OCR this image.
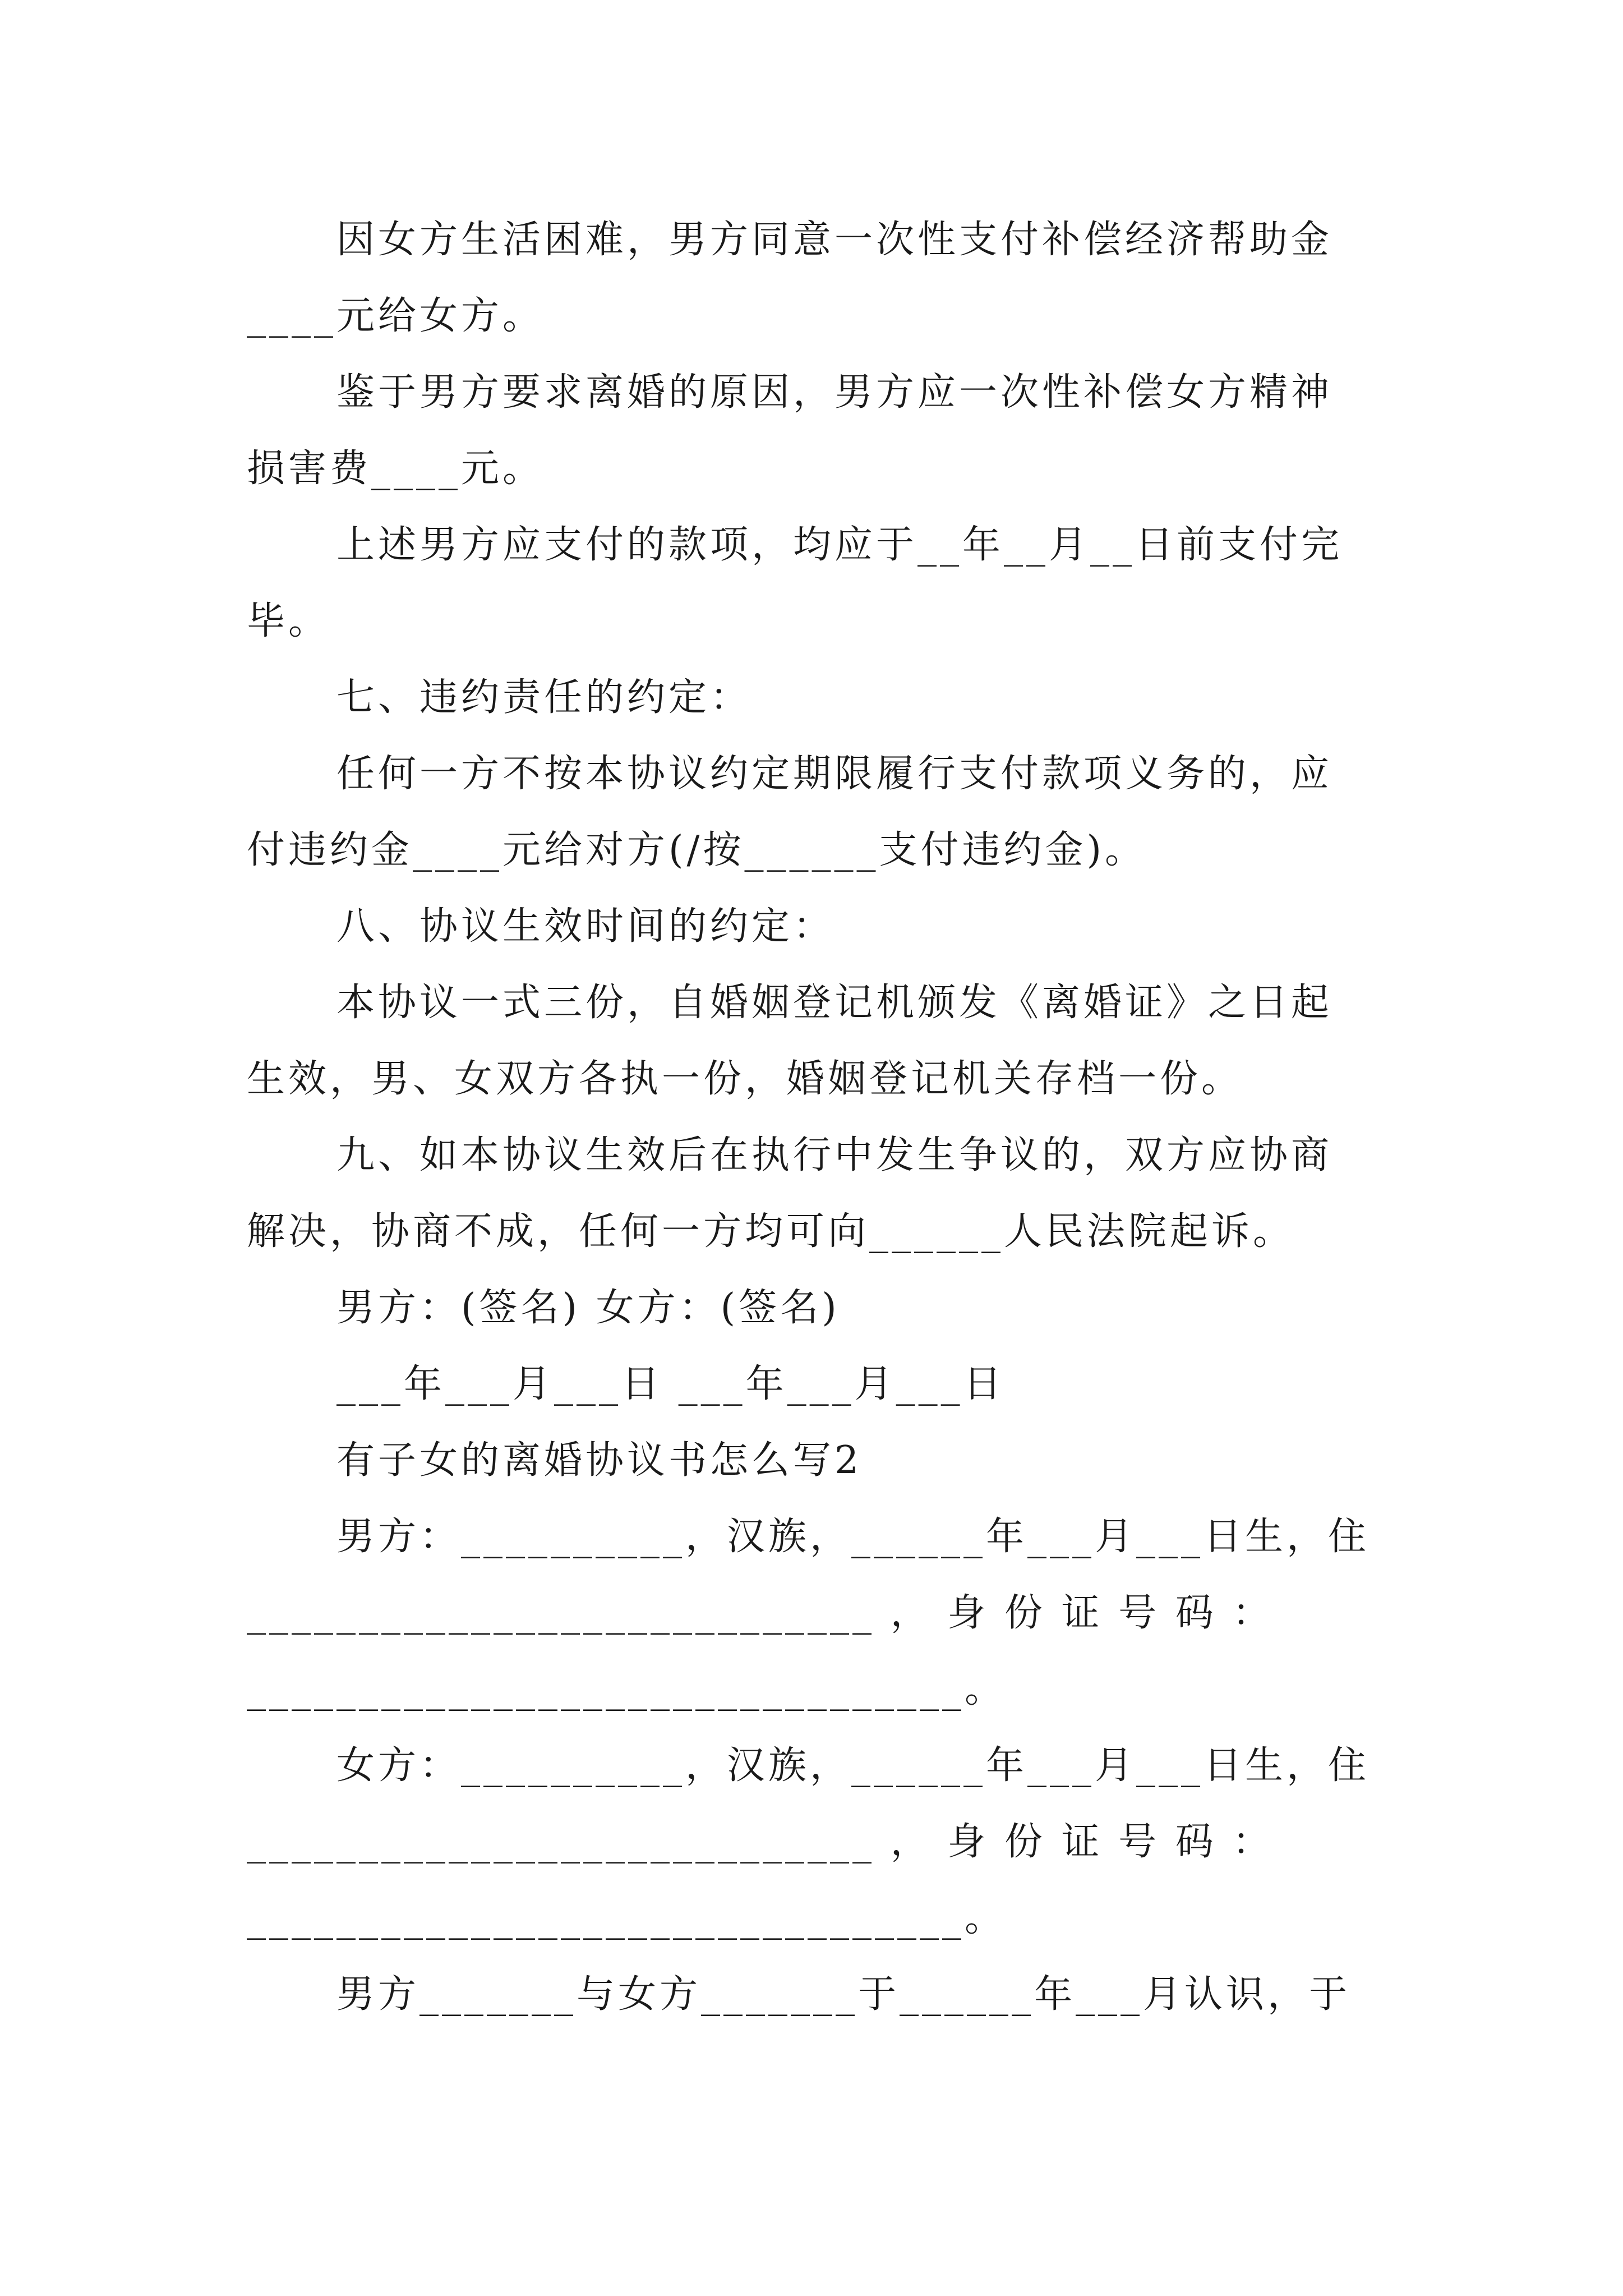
因女方生活困难，男方同意一次性支付补偿经济帮助金
____元给女方。
鉴于男方要求离婚的原因，男方应一次性补偿女方精神
损害费____元。
上述男方应支付的款项，均应于__年__月__日前支付完
毕。
七、违约责任的约定：
任何一方不按本协议约定期限履行支付款项义务的，应
付违约金____元给对方(/按______支付违约金)。
八、协议生效时间的约定：
本协议一式三份，自婚姻登记机颁发《离婚证》之日起
生效，男、女双方各执一份，婚姻登记机关存档一份。
九、如本协议生效后在执行中发生争议的，双方应协商
解决，协商不成，任何一方均可向______人民法院起诉。
男方：(签名) 女方：(签名)
___年___月___日 ___年___月___日
有子女的离婚协议书怎么写2
男方：__________，汉族，______年___月___日生，住
____________________________ ， 身 份 证 号 码 ：
________________________________。
女方：__________，汉族，______年___月___日生，住
____________________________ ， 身 份 证 号 码 ：
________________________________。
男方_______与女方_______于______年___月认识，于
